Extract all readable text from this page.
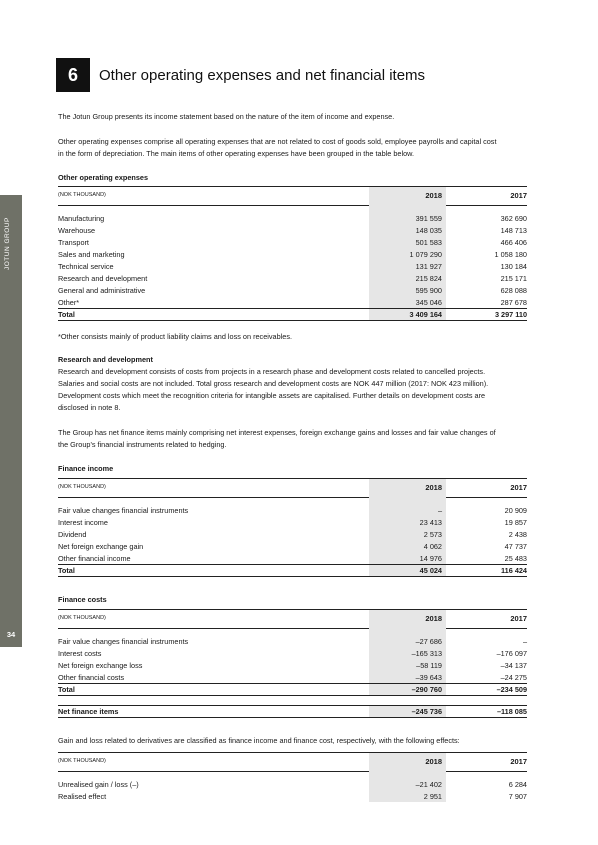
JOTUN GROUP
34
6	Other operating expenses and net financial items
The Jotun Group presents its income statement based on the nature of the item of income and expense.
Other operating expenses comprise all operating expenses that are not related to cost of goods sold, employee payrolls and capital cost
in the form of depreciation. The main items of other operating expenses have been grouped in the table below.
Other operating expenses
(NOK THOUSAND)	2018	2017
Manufacturing	391 559	362 690
Warehouse	148 035	148 713
Transport	501 583	466 406
Sales and marketing	1 079 290	1 058 180
Technical service	131 927	130 184
Research and development	215 824	215 171
General and administrative	595 900	628 088
Other*	345 046	287 678
Total	3 409 164	3 297 110
*Other consists mainly of product liability claims and loss on receivables.
Research and development
Research and development consists of costs from projects in a research phase and development costs related to cancelled projects.
Salaries and social costs are not included. Total gross research and development costs are NOK 447 million (2017: NOK 423 million).
Development costs which meet the recognition criteria for intangible assets are capitalised. Further details on development costs are
disclosed in note 8.
The Group has net finance items mainly comprising net interest expenses, foreign exchange gains and losses and fair value changes of
the Group's financial instruments related to hedging.
Finance income
(NOK THOUSAND)	2018	2017
Fair value changes financial instruments	–	20 909
Interest income	23 413	19 857
Dividend	2 573	2 438
Net foreign exchange gain	4 062	47 737
Other financial income	14 976	25 483
Total	45 024	116 424
Finance costs
(NOK THOUSAND)	2018	2017
Fair value changes financial instruments	–27 686	–
Interest costs	–165 313	–176 097
Net foreign exchange loss	–58 119	–34 137
Other financial costs	–39 643	–24 275
Total	–290 760	–234 509
Net finance items	–245 736	–118 085
Gain and loss related to derivatives are classified as finance income and finance cost, respectively, with the following effects:
(NOK THOUSAND)	2018	2017
Unrealised gain / loss (–)	–21 402	6 284
Realised effect	2 951	7 907
